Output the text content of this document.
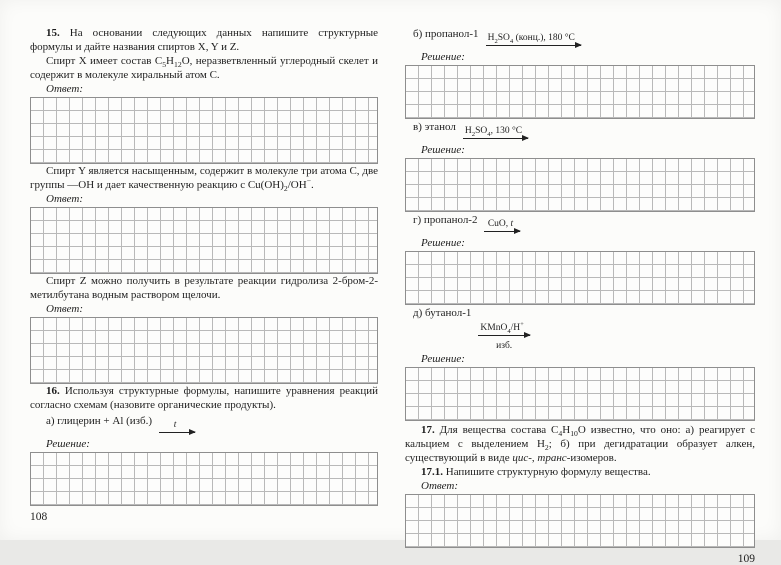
15. На основании следующих данных напишите структурные формулы и дайте названия спиртов X, Y и Z.

Спирт X имеет состав $C_5H_{12}O$, неразветвленный углеродный скелет и содержит в молекуле хиральный атом C.

Ответ:

Спирт Y является насыщенным, содержит в молекуле три атома C, две группы —OH и дает качественную реакцию с $Cu(OH)_2/OH^-$.

Ответ:

Спирт Z можно получить в результате реакции гидролиза 2-бром-2-метилбутана водным раствором щелочи.

Ответ:

16. Используя структурные формулы, напишите уравнения реакций согласно схемам (назовите органические продукты).

а) глицерин + Al (изб.) t

Решение:
108

б) пропанол-1 $H_2SO_4$ (конц.), 180 °C

Решение:

в) этанол $H_2SO_4$, 130 °C

Решение:

г) пропанол-2 CuO, t

Решение:

д) бутанол-1
KMnO$_4$/H+
изб.

Решение:

17. Для вещества состава $C_4H_{10}O$ известно, что оно: а) реагирует с кальцием с выделением $H_2$; б) при дегидратации образует алкен, существующий в виде цис-, транс-изомеров.

17.1. Напишите структурную формулу вещества.

Ответ:
109
